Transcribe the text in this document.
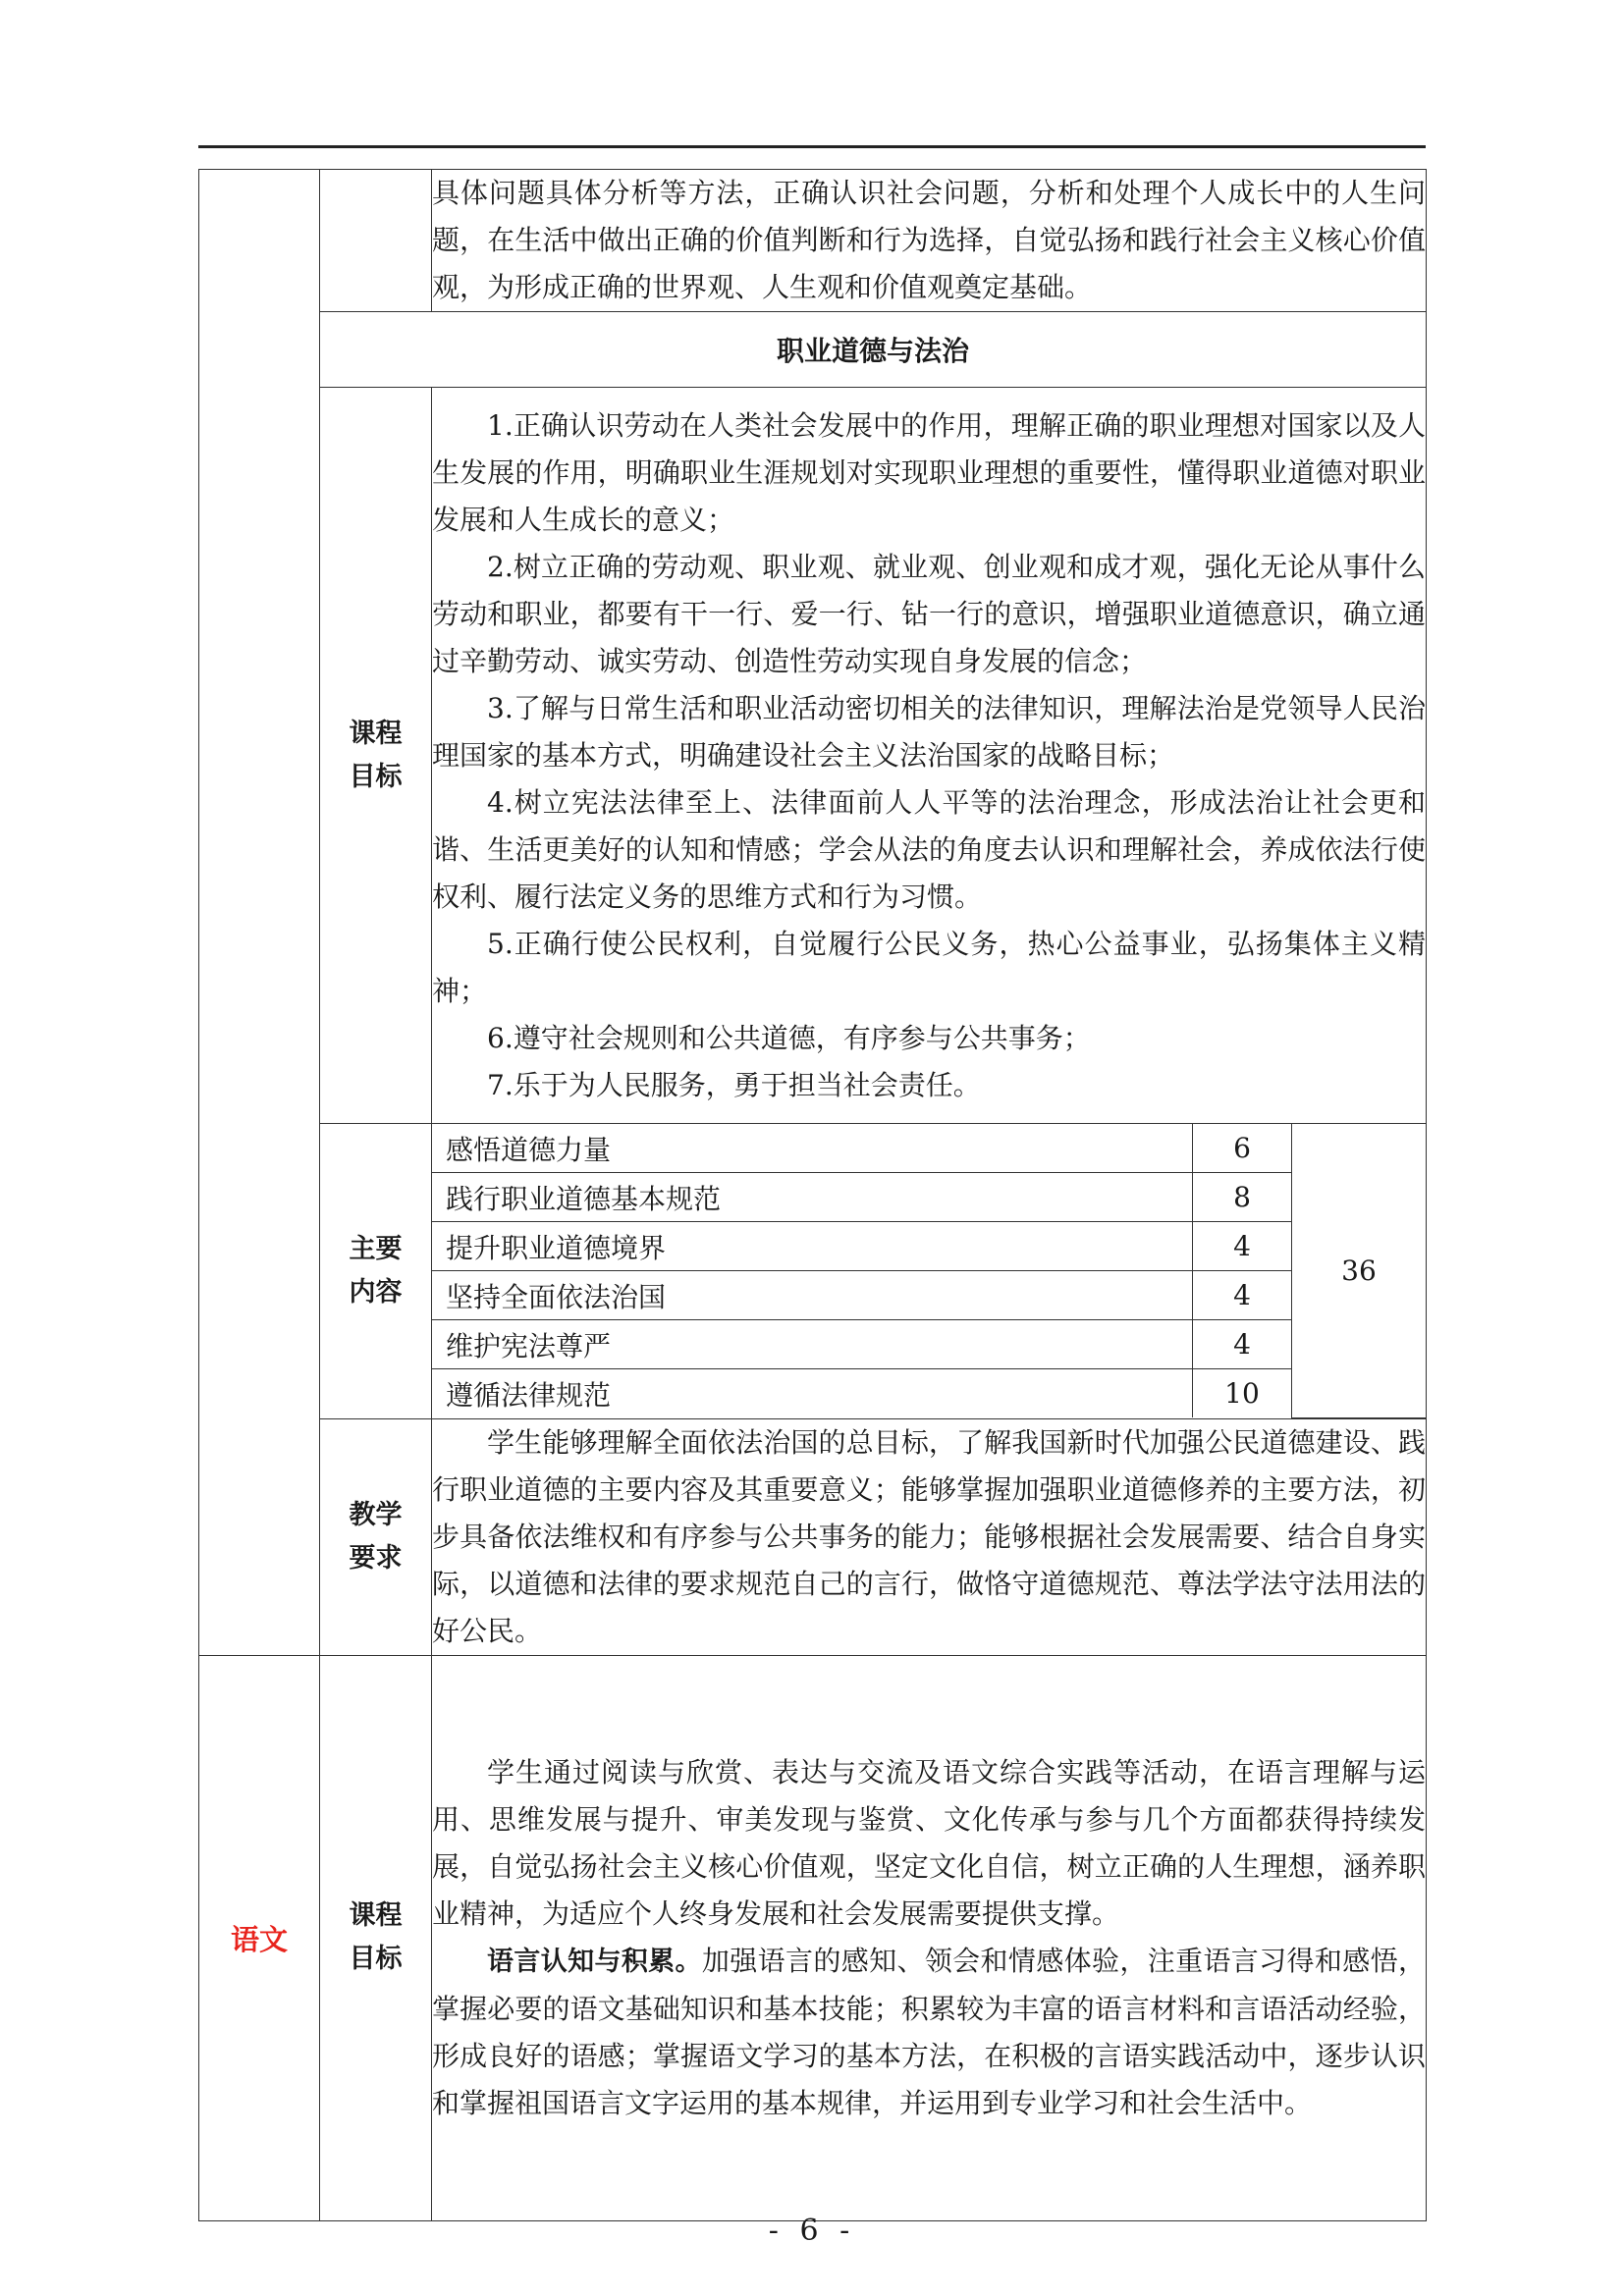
具体问题具体分析等方法，正确认识社会问题，分析和处理个人成长中的人生问题，在生活中做出正确的价值判断和行为选择，自觉弘扬和践行社会主义核心价值观，为形成正确的世界观、人生观和价值观奠定基础。

职业道德与法治

课程
目标

1.正确认识劳动在人类社会发展中的作用，理解正确的职业理想对国家以及人生发展的作用，明确职业生涯规划对实现职业理想的重要性，懂得职业道德对职业发展和人生成长的意义；

2.树立正确的劳动观、职业观、就业观、创业观和成才观，强化无论从事什么劳动和职业，都要有干一行、爱一行、钻一行的意识，增强职业道德意识，确立通过辛勤劳动、诚实劳动、创造性劳动实现自身发展的信念；

3.了解与日常生活和职业活动密切相关的法律知识，理解法治是党领导人民治理国家的基本方式，明确建设社会主义法治国家的战略目标；

4.树立宪法法律至上、法律面前人人平等的法治理念，形成法治让社会更和谐、生活更美好的认知和情感；学会从法的角度去认识和理解社会，养成依法行使权利、履行法定义务的思维方式和行为习惯。

5.正确行使公民权利，自觉履行公民义务，热心公益事业，弘扬集体主义精神；

6.遵守社会规则和公共道德，有序参与公共事务；

7.乐于为人民服务，勇于担当社会责任。

主要
内容

感悟道德力量	6	36
践行职业道德基本规范	8
提升职业道德境界	4
坚持全面依法治国	4
维护宪法尊严	4
遵循法律规范	10

教学
要求

学生能够理解全面依法治国的总目标，了解我国新时代加强公民道德建设、践行职业道德的主要内容及其重要意义；能够掌握加强职业道德修养的主要方法，初步具备依法维权和有序参与公共事务的能力；能够根据社会发展需要、结合自身实际，以道德和法律的要求规范自己的言行，做恪守道德规范、尊法学法守法用法的好公民。

语文	
课程
目标

学生通过阅读与欣赏、表达与交流及语文综合实践等活动，在语言理解与运用、思维发展与提升、审美发现与鉴赏、文化传承与参与几个方面都获得持续发展，自觉弘扬社会主义核心价值观，坚定文化自信，树立正确的人生理想，涵养职业精神，为适应个人终身发展和社会发展需要提供支撑。

语言认知与积累。加强语言的感知、领会和情感体验，注重语言习得和感悟，掌握必要的语文基础知识和基本技能；积累较为丰富的语言材料和言语活动经验，形成良好的语感；掌握语文学习的基本方法，在积极的言语实践活动中，逐步认识和掌握祖国语言文字运用的基本规律，并运用到专业学习和社会生活中。

- 6 -
